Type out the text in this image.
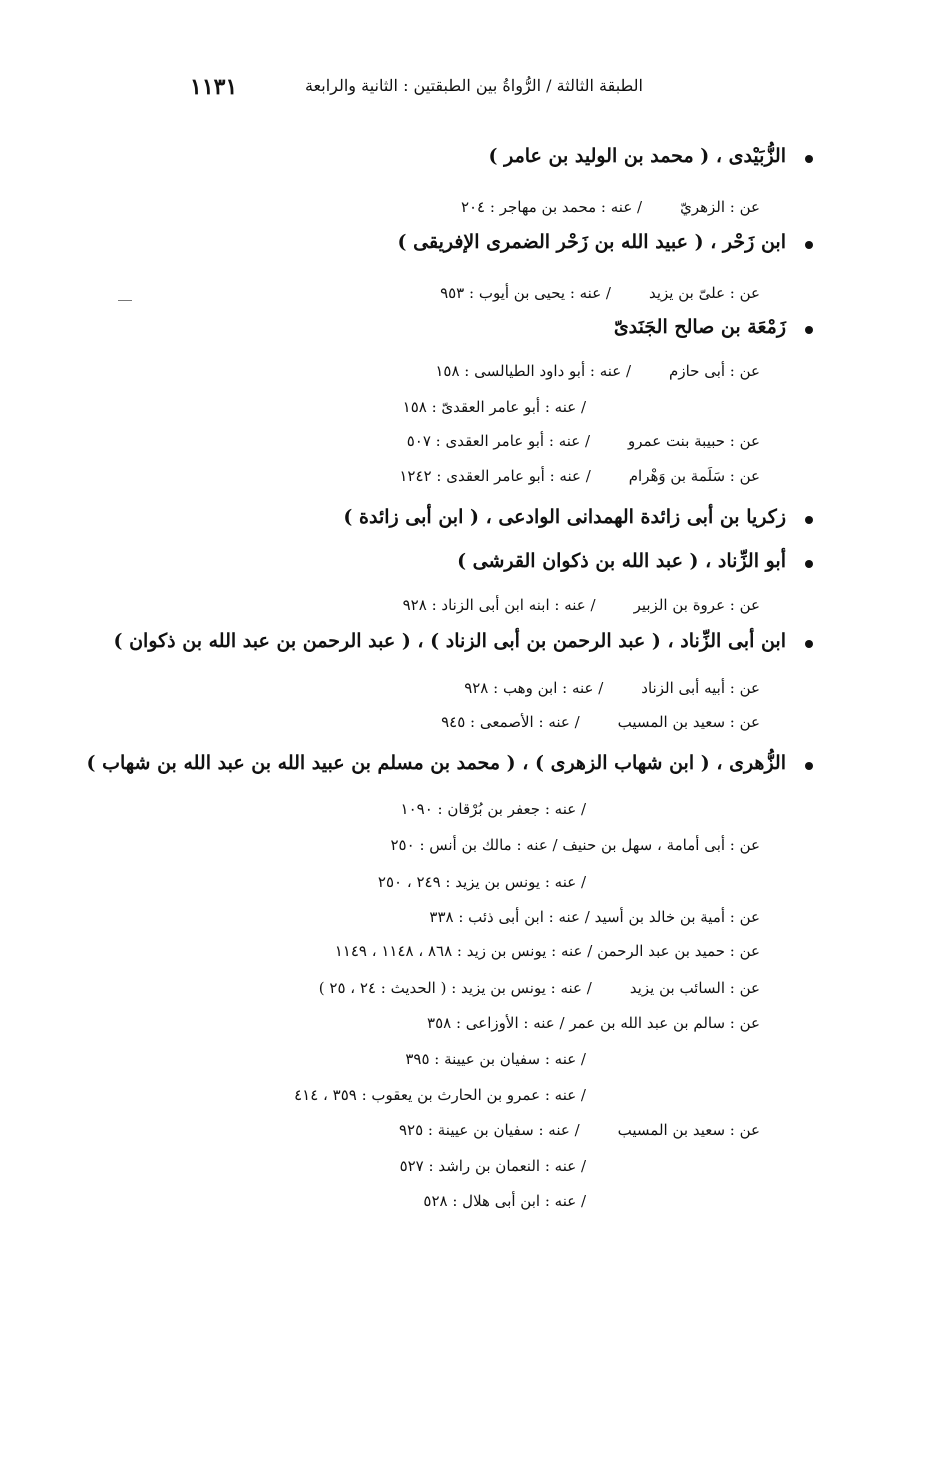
الطبقة الثالثة / الرُّواةُ بين الطبقتين : الثانية والرابعة
١١٣١
الزُّبَيْدى ، ( محمد بن الوليد بن عامر )
عن : الزهريّ/ عنه : محمد بن مهاجر : ٢٠٤
ابن زَحْر ، ( عبيد الله بن زَحْر الضمرى الإفريقى )
عن : علىّ بن يزيد/ عنه : يحيى بن أيوب : ٩٥٣
زَمْعَة بن صالح الجَنَدىّ
عن : أبى حازم/ عنه : أبو داود الطيالسى : ١٥٨
/ عنه : أبو عامر العقدىّ : ١٥٨
عن : حبيبة بنت عمرو/ عنه : أبو عامر العقدى : ٥٠٧
عن : سَلَمة بن وَهْرام/ عنه : أبو عامر العقدى : ١٢٤٢
زكريا بن أبى زائدة الهمدانى الوادعى ، ( ابن أبى زائدة )
أبو الزِّناد ، ( عبد الله بن ذكوان القرشى )
عن : عروة بن الزبير/ عنه : ابنه ابن أبى الزناد : ٩٢٨
ابن أبى الزِّناد ، ( عبد الرحمن بن أبى الزناد ) ، ( عبد الرحمن بن عبد الله بن ذكوان )
عن : أبيه أبى الزناد/ عنه : ابن وهب : ٩٢٨
عن : سعيد بن المسيب/ عنه : الأصمعى : ٩٤٥
الزُّهرى ، ( ابن شهاب الزهرى ) ، ( محمد بن مسلم بن عبيد الله بن عبد الله بن شهاب )
/ عنه : جعفر بن بُرْقان : ١٠٩٠
عن : أبى أمامة ، سهل بن حنيف / عنه : مالك بن أنس : ٢٥٠
/ عنه : يونس بن يزيد : ٢٤٩ ، ٢٥٠
عن : أمية بن خالد بن أسيد / عنه : ابن أبى ذئب : ٣٣٨
عن : حميد بن عبد الرحمن / عنه : يونس بن زيد : ٨٦٨ ، ١١٤٨ ، ١١٤٩
عن : السائب بن يزيد/ عنه : يونس بن يزيد : ( الحديث : ٢٤ ، ٢٥ )
عن : سالم بن عبد الله بن عمر / عنه : الأوزاعى : ٣٥٨
/ عنه : سفيان بن عيينة : ٣٩٥
/ عنه : عمرو بن الحارث بن يعقوب : ٣٥٩ ، ٤١٤
عن : سعيد بن المسيب/ عنه : سفيان بن عيينة : ٩٢٥
/ عنه : النعمان بن راشد : ٥٢٧
/ عنه : ابن أبى هلال : ٥٢٨
